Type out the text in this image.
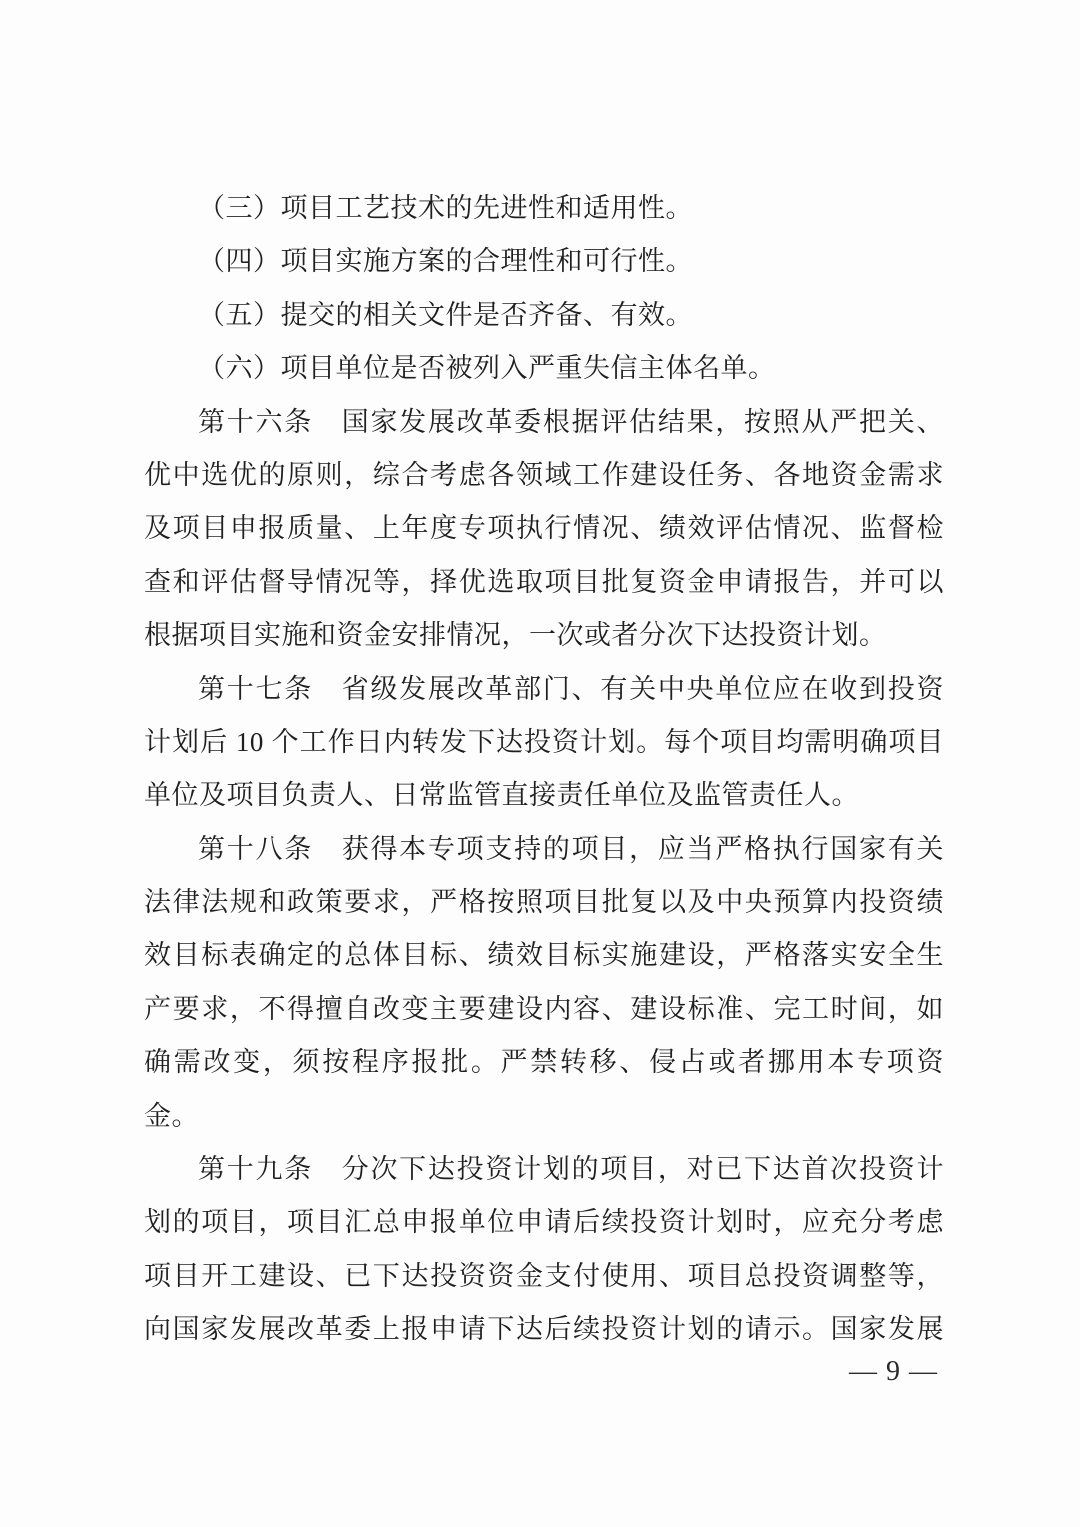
（三）项目工艺技术的先进性和适用性。
（四）项目实施方案的合理性和可行性。
（五）提交的相关文件是否齐备、有效。
（六）项目单位是否被列入严重失信主体名单。
第十六条　国家发展改革委根据评估结果，按照从严把关、
优中选优的原则，综合考虑各领域工作建设任务、各地资金需求
及项目申报质量、上年度专项执行情况、绩效评估情况、监督检
查和评估督导情况等，择优选取项目批复资金申请报告，并可以
根据项目实施和资金安排情况，一次或者分次下达投资计划。
第十七条　省级发展改革部门、有关中央单位应在收到投资
计划后 10 个工作日内转发下达投资计划。每个项目均需明确项目
单位及项目负责人、日常监管直接责任单位及监管责任人。
第十八条　获得本专项支持的项目，应当严格执行国家有关
法律法规和政策要求，严格按照项目批复以及中央预算内投资绩
效目标表确定的总体目标、绩效目标实施建设，严格落实安全生
产要求，不得擅自改变主要建设内容、建设标准、完工时间，如
确需改变，须按程序报批。严禁转移、侵占或者挪用本专项资
金。
第十九条　分次下达投资计划的项目，对已下达首次投资计
划的项目，项目汇总申报单位申请后续投资计划时，应充分考虑
项目开工建设、已下达投资资金支付使用、项目总投资调整等，
向国家发展改革委上报申请下达后续投资计划的请示。国家发展
— 9 —
